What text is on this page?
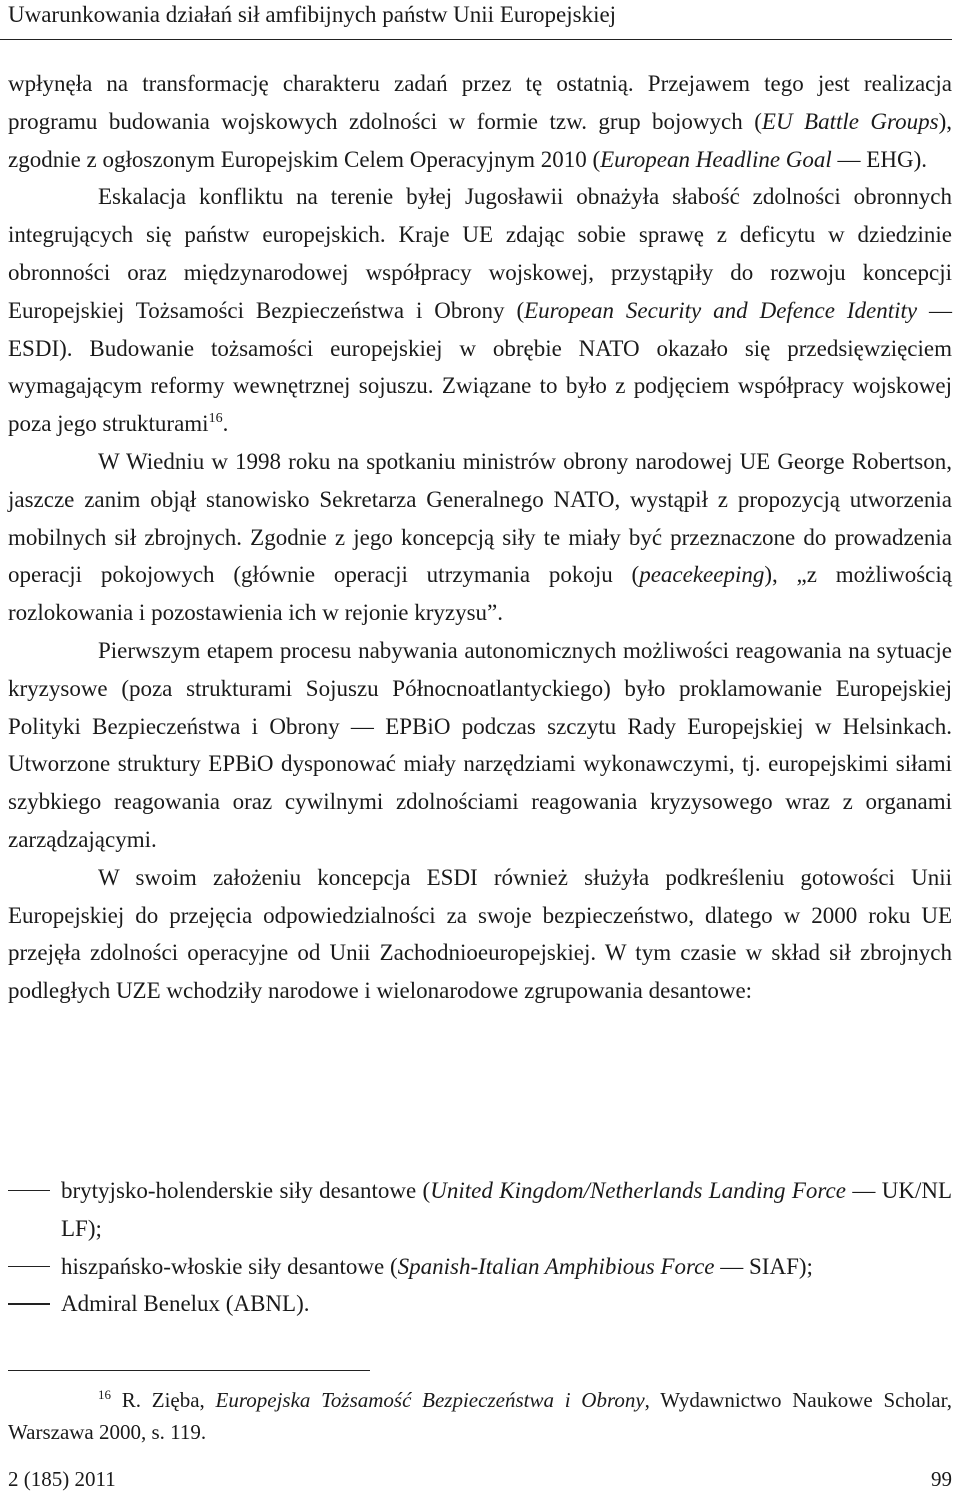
Uwarunkowania działań sił amfibijnych państw Unii Europejskiej

wpłynęła na transformację charakteru zadań przez tę ostatnią. Przejawem tego jest realizacja programu budowania wojskowych zdolności w formie tzw. grup bojowych (EU Battle Groups), zgodnie z ogłoszonym Europejskim Celem Operacyjnym 2010 (European Headline Goal — EHG).

Eskalacja konfliktu na terenie byłej Jugosławii obnażyła słabość zdolności obronnych integrujących się państw europejskich. Kraje UE zdając sobie sprawę z deficytu w dziedzinie obronności oraz międzynarodowej współpracy wojskowej, przystąpiły do rozwoju koncepcji Europejskiej Tożsamości Bezpieczeństwa i Obrony (European Security and Defence Identity — ESDI). Budowanie tożsamości europejskiej w obrębie NATO okazało się przedsięwzięciem wymagającym reformy wewnętrznej sojuszu. Związane to było z podjęciem współpracy wojskowej poza jego strukturami$^{16}$.

W Wiedniu w 1998 roku na spotkaniu ministrów obrony narodowej UE George Robertson, jaszcze zanim objął stanowisko Sekretarza Generalnego NATO, wystąpił z propozycją utworzenia mobilnych sił zbrojnych. Zgodnie z jego koncepcją siły te miały być przeznaczone do prowadzenia operacji pokojowych (głównie operacji utrzymania pokoju (peacekeeping), „z możliwością rozlokowania i pozostawienia ich w rejonie kryzysu”.

Pierwszym etapem procesu nabywania autonomicznych możliwości reagowania na sytuacje kryzysowe (poza strukturami Sojuszu Północnoatlantyckiego) było proklamowanie Europejskiej Polityki Bezpieczeństwa i Obrony — EPBiO podczas szczytu Rady Europejskiej w Helsinkach. Utworzone struktury EPBiO dysponować miały narzędziami wykonawczymi, tj. europejskimi siłami szybkiego reagowania oraz cywilnymi zdolnościami reagowania kryzysowego wraz z organami zarządzającymi.

W swoim założeniu koncepcja ESDI również służyła podkreśleniu gotowości Unii Europejskiej do przejęcia odpowiedzialności za swoje bezpieczeństwo, dlatego w 2000 roku UE przejęła zdolności operacyjne od Unii Zachodnioeuropejskiej. W tym czasie w skład sił zbrojnych podległych UZE wchodziły narodowe i wielonarodowe zgrupowania desantowe:

brytyjsko-holenderskie siły desantowe (United Kingdom/Netherlands Landing Force — UK/NL LF);
hiszpańsko-włoskie siły desantowe (Spanish-Italian Amphibious Force — SIAF);
Admiral Benelux (ABNL).

$^{16}$ R. Zięba, Europejska Tożsamość Bezpieczeństwa i Obrony, Wydawnictwo Naukowe Scholar, Warszawa 2000, s. 119.

2 (185) 2011	99
